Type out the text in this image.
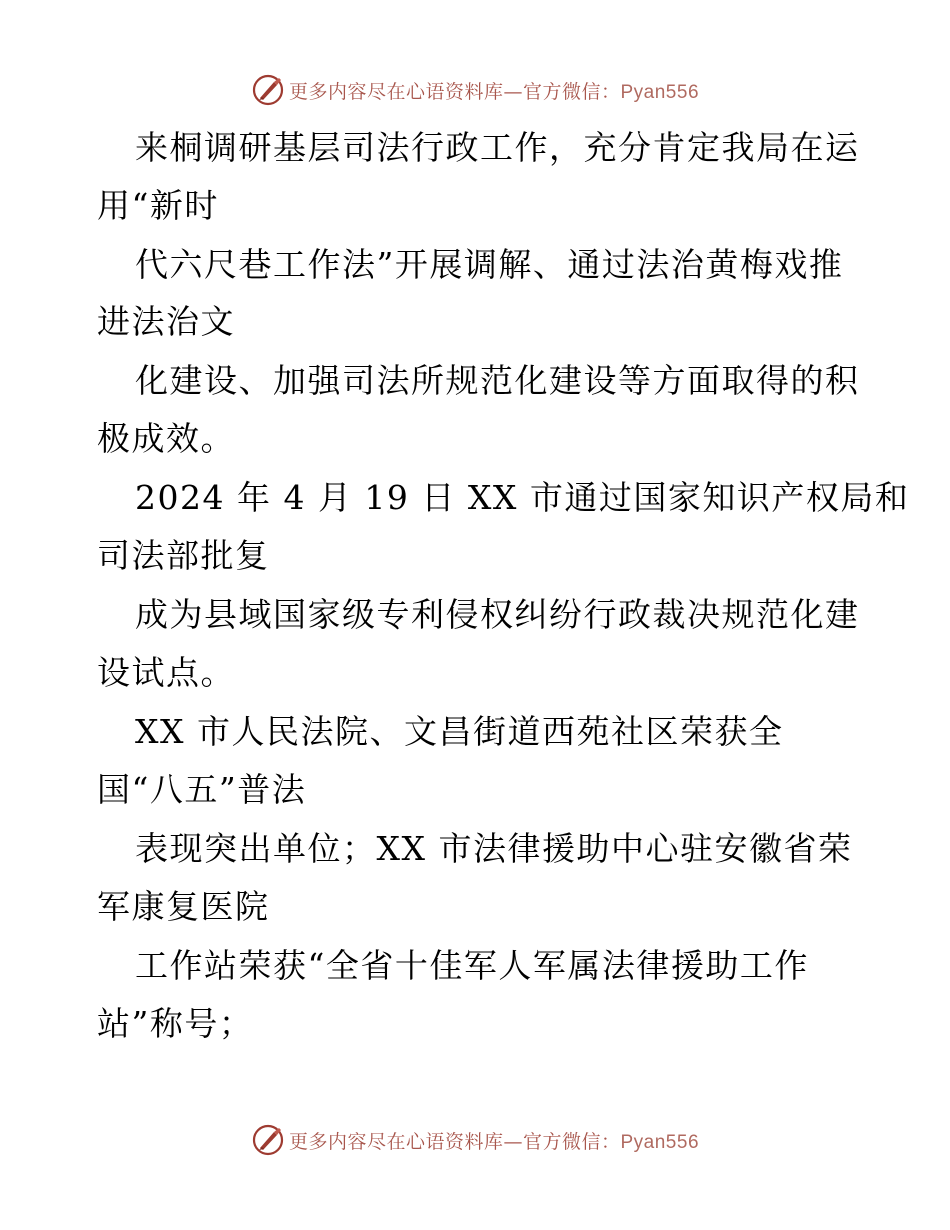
更多内容尽在心语资料库—官方微信：Pyan556
来桐调研基层司法行政工作，充分肯定我局在运
用“新时
代六尺巷工作法”开展调解、通过法治黄梅戏推
进法治文
化建设、加强司法所规范化建设等方面取得的积
极成效。
2024 年 4 月 19 日 XX 市通过国家知识产权局和
司法部批复
成为县域国家级专利侵权纠纷行政裁决规范化建
设试点。
XX 市人民法院、文昌街道西苑社区荣获全
国“八五”普法
表现突出单位；XX 市法律援助中心驻安徽省荣
军康复医院
工作站荣获“全省十佳军人军属法律援助工作
站”称号；
更多内容尽在心语资料库—官方微信：Pyan556
